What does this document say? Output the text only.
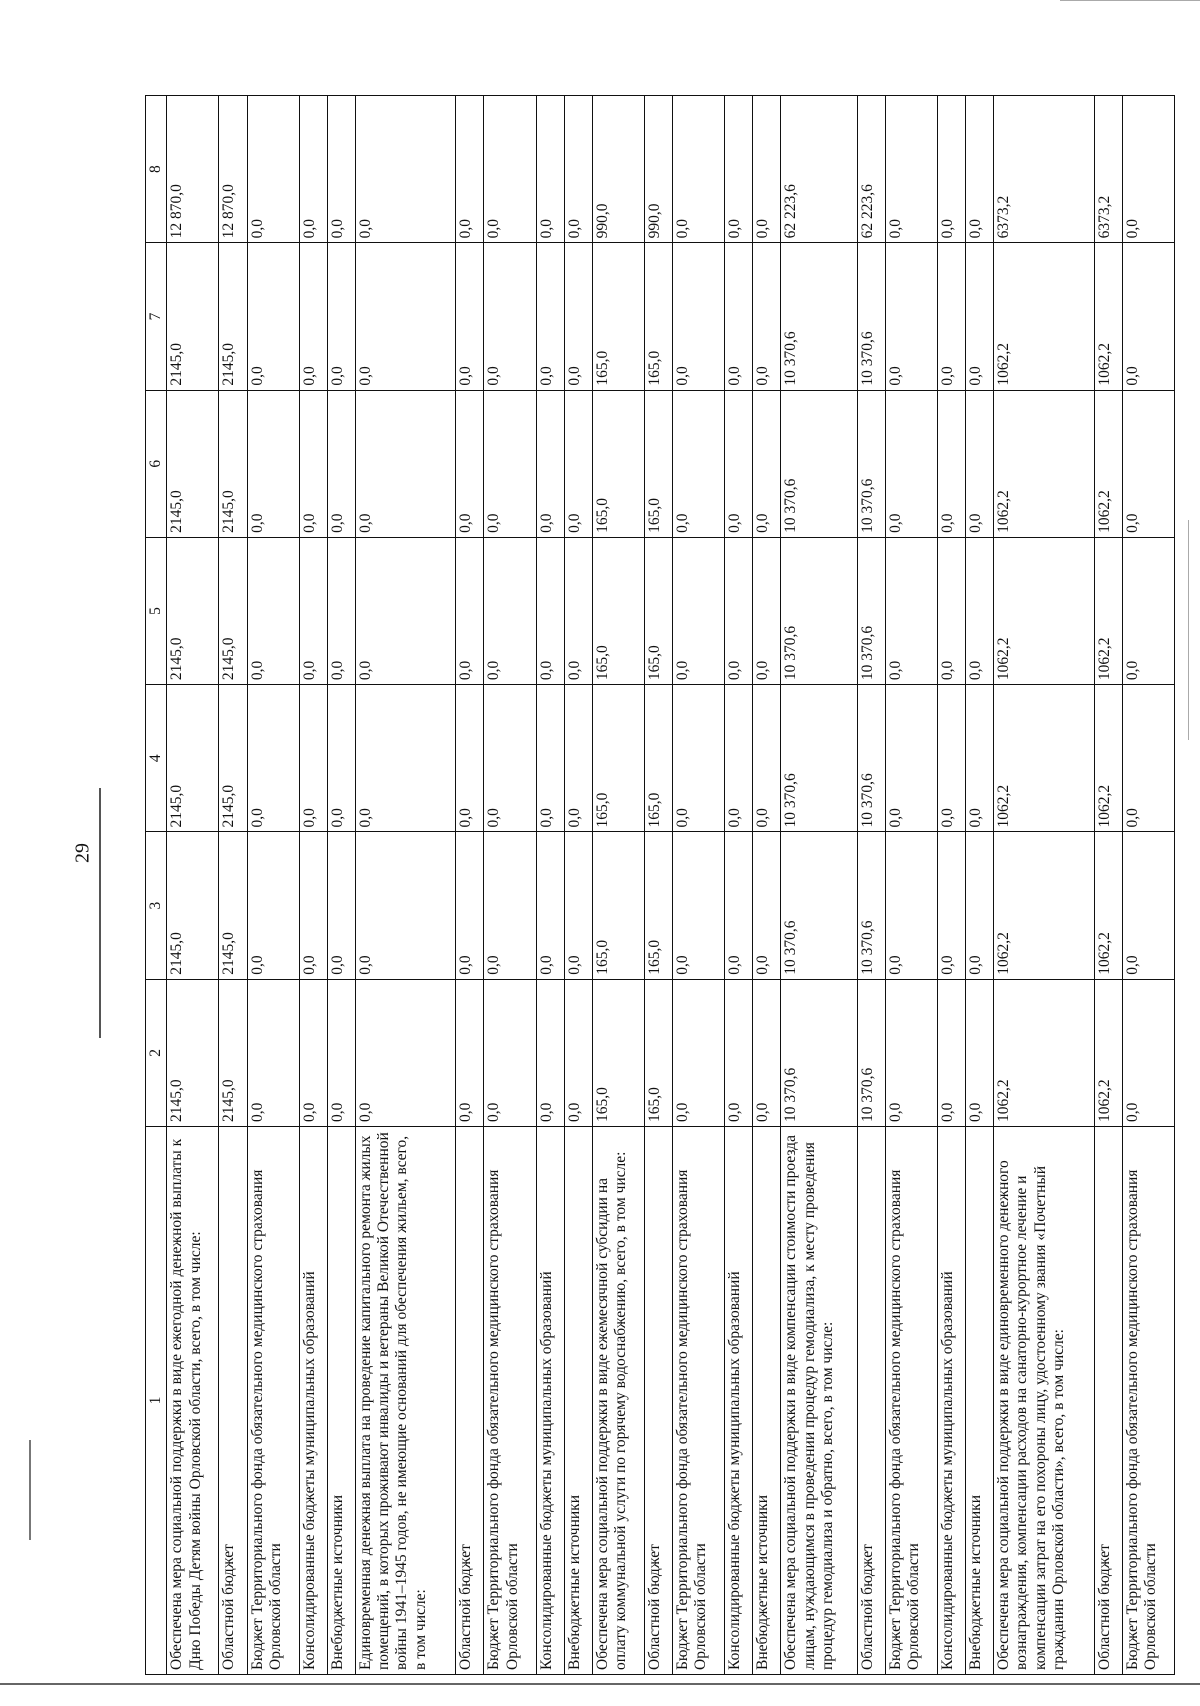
29
1	2	3	4	5	6	7	8
Обеспечена мера социальной поддержки в виде ежегодной денежной выплаты к Дню Победы Детям войны Орловской области, всего, в том числе:	2145,0	2145,0	2145,0	2145,0	2145,0	2145,0	12 870,0
Областной бюджет	2145,0	2145,0	2145,0	2145,0	2145,0	2145,0	12 870,0
Бюджет Территориального фонда обязательного медицинского страхования Орловской области	0,0	0,0	0,0	0,0	0,0	0,0	0,0
Консолидированные бюджеты муниципальных образований	0,0	0,0	0,0	0,0	0,0	0,0	0,0
Внебюджетные источники	0,0	0,0	0,0	0,0	0,0	0,0	0,0
Единовременная денежная выплата на проведение капитального ремонта жилых помещений, в которых проживают инвалиды и ветераны Великой Отечественной войны 1941–1945 годов, не имеющие оснований для обеспечения жильем, всего, в том числе:	0,0	0,0	0,0	0,0	0,0	0,0	0,0
Областной бюджет	0,0	0,0	0,0	0,0	0,0	0,0	0,0
Бюджет Территориального фонда обязательного медицинского страхования Орловской области	0,0	0,0	0,0	0,0	0,0	0,0	0,0
Консолидированные бюджеты муниципальных образований	0,0	0,0	0,0	0,0	0,0	0,0	0,0
Внебюджетные источники	0,0	0,0	0,0	0,0	0,0	0,0	0,0
Обеспечена мера социальной поддержки в виде ежемесячной субсидии на оплату коммунальной услуги по горячему водоснабжению, всего, в том числе:	165,0	165,0	165,0	165,0	165,0	165,0	990,0
Областной бюджет	165,0	165,0	165,0	165,0	165,0	165,0	990,0
Бюджет Территориального фонда обязательного медицинского страхования Орловской области	0,0	0,0	0,0	0,0	0,0	0,0	0,0
Консолидированные бюджеты муниципальных образований	0,0	0,0	0,0	0,0	0,0	0,0	0,0
Внебюджетные источники	0,0	0,0	0,0	0,0	0,0	0,0	0,0
Обеспечена мера социальной поддержки в виде компенсации стоимости проезда лицам, нуждающимся в проведении процедур гемодиализа, к месту проведения процедур гемодиализа и обратно, всего, в том числе:	10 370,6	10 370,6	10 370,6	10 370,6	10 370,6	10 370,6	62 223,6
Областной бюджет	10 370,6	10 370,6	10 370,6	10 370,6	10 370,6	10 370,6	62 223,6
Бюджет Территориального фонда обязательного медицинского страхования Орловской области	0,0	0,0	0,0	0,0	0,0	0,0	0,0
Консолидированные бюджеты муниципальных образований	0,0	0,0	0,0	0,0	0,0	0,0	0,0
Внебюджетные источники	0,0	0,0	0,0	0,0	0,0	0,0	0,0
Обеспечена мера социальной поддержки в виде единовременного денежного вознаграждения, компенсации расходов на санаторно-курортное лечение и компенсации затрат на его похороны лицу, удостоенному звания «Почетный гражданин Орловской области», всего, в том числе:	1062,2	1062,2	1062,2	1062,2	1062,2	1062,2	6373,2
Областной бюджет	1062,2	1062,2	1062,2	1062,2	1062,2	1062,2	6373,2
Бюджет Территориального фонда обязательного медицинского страхования Орловской области	0,0	0,0	0,0	0,0	0,0	0,0	0,0
